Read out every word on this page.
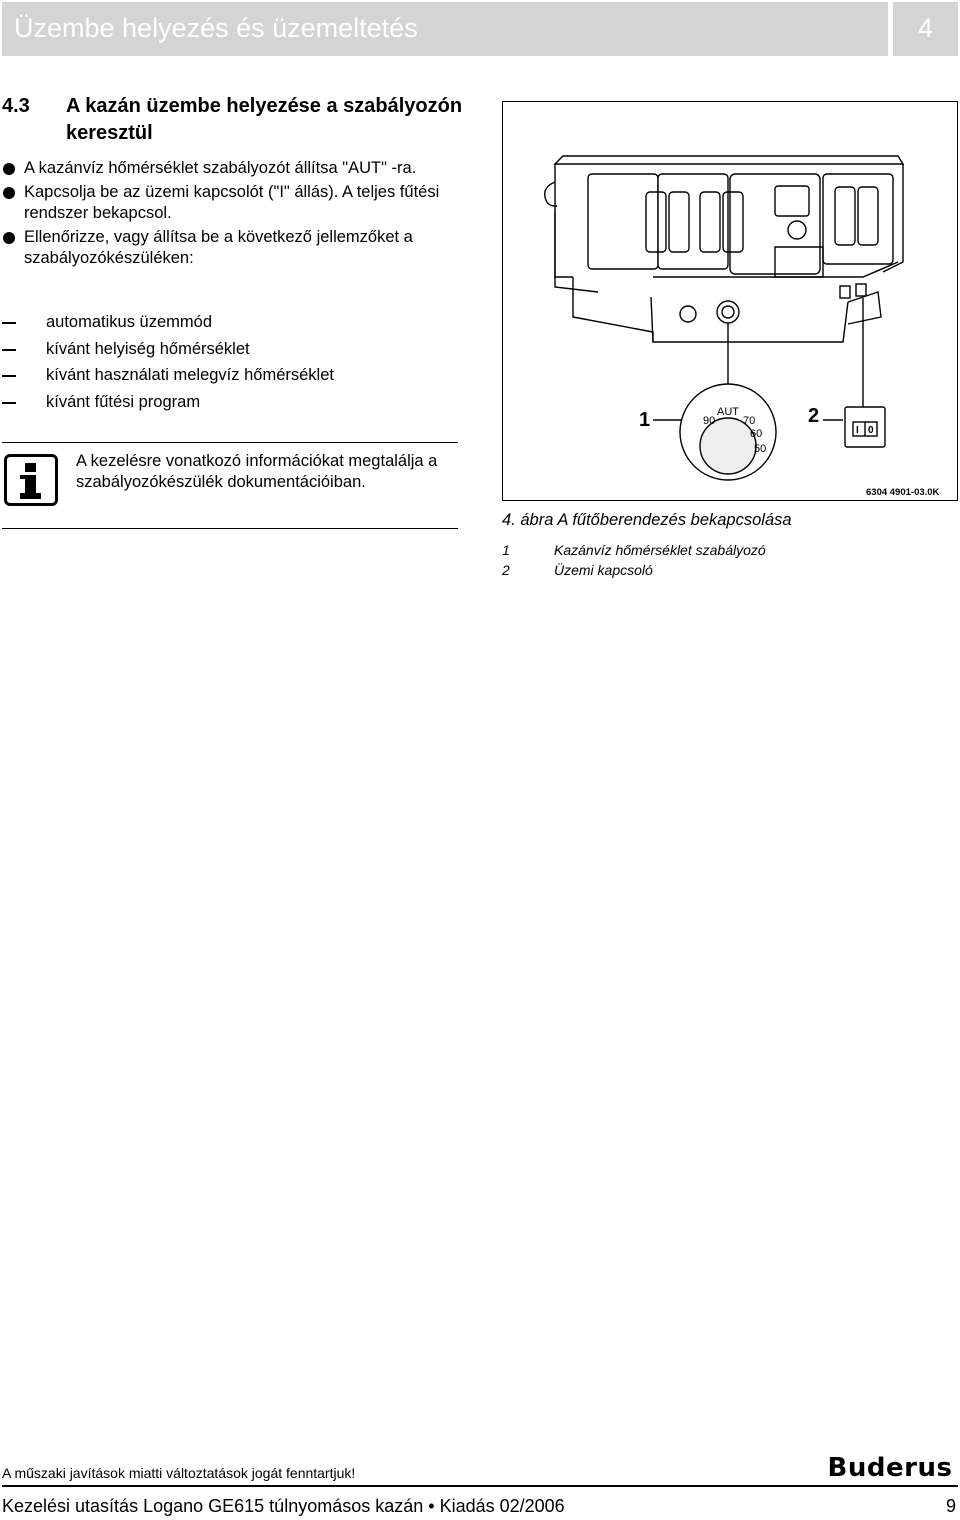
Üzembe helyezés és üzemeltetés	4
4.3 A kazán üzembe helyezése a szabályozón keresztül
A kazánvíz hőmérséklet szabályozót állítsa "AUT" -ra.
Kapcsolja be az üzemi kapcsolót ("I" állás). A teljes fűtési rendszer bekapcsol.
Ellenőrizze, vagy állítsa be a következő jellemzőket a szabályozókészüléken:
automatikus üzemmód
kívánt helyiség hőmérséklet
kívánt használati melegvíz hőmérséklet
kívánt fűtési program
A kezelésre vonatkozó információkat megtalálja a szabályozókészülék dokumentációiban.
1	2
90
AUT
70
60
50
I 0
6304 4901-03.0K
4. ábra A fűtőberendezés bekapcsolása
1	Kazánvíz hőmérséklet szabályozó
2	Üzemi kapcsoló
A műszaki javítások miatti változtatások jogát fenntartjuk!	Buderus
Kezelési utasítás Logano GE615 túlnyomásos kazán • Kiadás 02/2006	9
